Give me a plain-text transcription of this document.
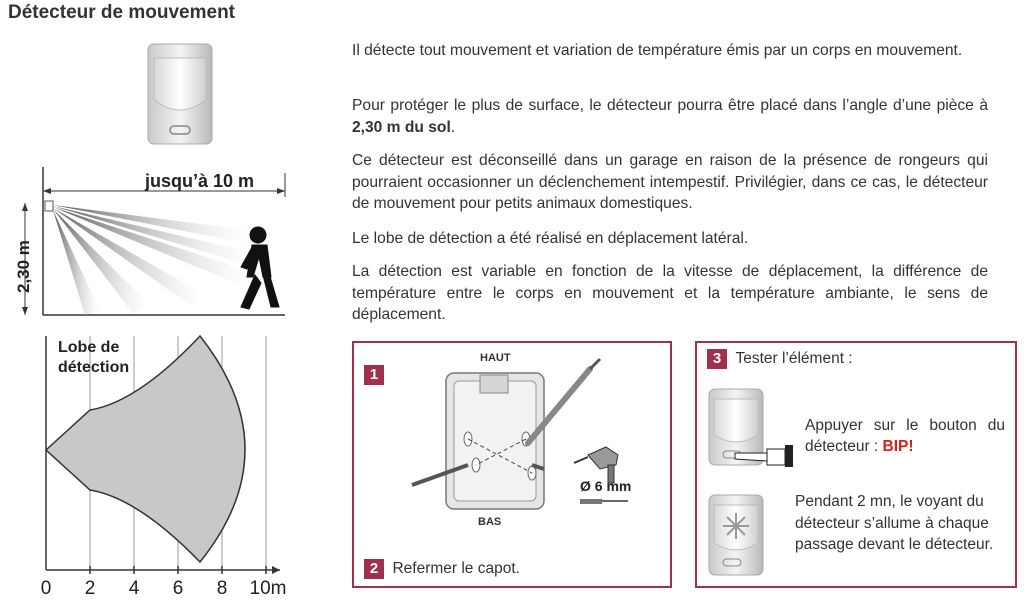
Détecteur de mouvement
jusqu’à 10 m
2,30 m
Lobe de
détection
0 2 4 6 8 10m

Il détecte tout mouvement et variation de température émis par un corps en mouvement.

Pour protéger le plus de surface, le détecteur pourra être placé dans l’angle d’une pièce à 2,30 m du sol.

Ce détecteur est déconseillé dans un garage en raison de la présence de rongeurs qui pourraient occasionner un déclenchement intempestif. Privilégier, dans ce cas, le détecteur de mouvement pour petits animaux domestiques.

Le lobe de détection a été réalisé en déplacement latéral.

La détection est variable en fonction de la vitesse de déplacement, la différence de température entre le corps en mouvement et la température ambiante, le sens de déplacement.

1
HAUT
BAS
Ø 6 mm
2 Refermer le capot.
3 Tester l’élément :
Appuyer sur le bouton du détecteur : BIP!
Pendant 2 mn, le voyant du détecteur s’allume à chaque passage devant le détecteur.
